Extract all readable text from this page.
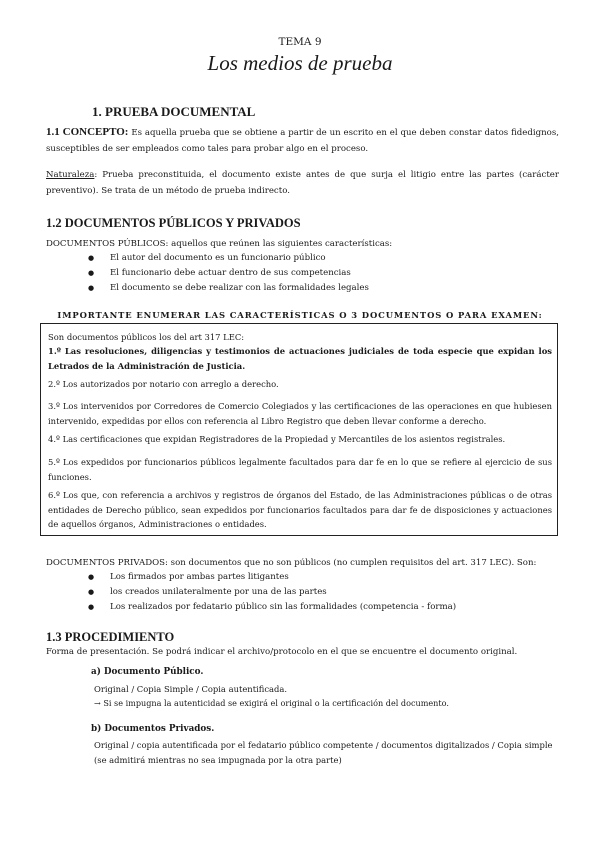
TEMA 9
Los medios de prueba
1. PRUEBA DOCUMENTAL
1.1 CONCEPTO: Es aquella prueba que se obtiene a partir de un escrito en el que deben constar datos fidedignos, susceptibles de ser empleados como tales para probar algo en el proceso.
Naturaleza: Prueba preconstituida, el documento existe antes de que surja el litigio entre las partes (carácter preventivo). Se trata de un método de prueba indirecto.
1.2 DOCUMENTOS PÚBLICOS Y PRIVADOS
DOCUMENTOS PÚBLICOS: aquellos que reúnen las siguientes características:
● El autor del documento es un funcionario público
● El funcionario debe actuar dentro de sus competencias
● El documento se debe realizar con las formalidades legales
IMPORTANTE ENUMERAR LAS CARACTERÍSTICAS O 3 DOCUMENTOS O PARA EXAMEN:
Son documentos públicos los del art 317 LEC:
1.º Las resoluciones, diligencias y testimonios de actuaciones judiciales de toda especie que expidan los Letrados de la Administración de Justicia.
2.º Los autorizados por notario con arreglo a derecho.
3.º Los intervenidos por Corredores de Comercio Colegiados y las certificaciones de las operaciones en que hubiesen intervenido, expedidas por ellos con referencia al Libro Registro que deben llevar conforme a derecho.
4.º Las certificaciones que expidan Registradores de la Propiedad y Mercantiles de los asientos registrales.
5.º Los expedidos por funcionarios públicos legalmente facultados para dar fe en lo que se refiere al ejercicio de sus funciones.
6.º Los que, con referencia a archivos y registros de órganos del Estado, de las Administraciones públicas o de otras entidades de Derecho público, sean expedidos por funcionarios facultados para dar fe de disposiciones y actuaciones de aquellos órganos, Administraciones o entidades.
DOCUMENTOS PRIVADOS: son documentos que no son públicos (no cumplen requisitos del art. 317 LEC). Son:
● Los firmados por ambas partes litigantes
● los creados unilateralmente por una de las partes
● Los realizados por fedatario público sin las formalidades (competencia - forma)
1.3 PROCEDIMIENTO
Forma de presentación. Se podrá indicar el archivo/protocolo en el que se encuentre el documento original.
a) Documento Público.
Original / Copia Simple / Copia autentificada.
→ Si se impugna la autenticidad se exigirá el original o la certificación del documento.
b) Documentos Privados.
Original / copia autentificada por el fedatario público competente / documentos digitalizados / Copia simple (se admitirá mientras no sea impugnada por la otra parte)
